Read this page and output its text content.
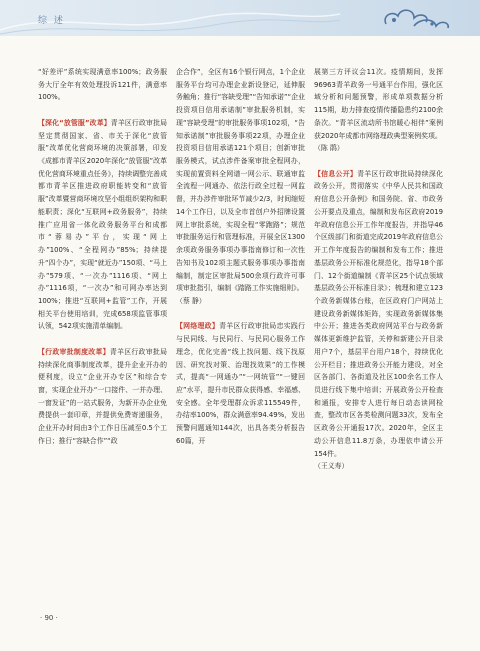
综 述

“好差评”系统实现满意率100%；政务服务大厅全年有效处理投诉121件，满意率100%。

【深化“放管服”改革】青羊区行政审批局坚定贯彻国家、省、市关于深化“放管服”改革优化营商环境的决策部署，印发《成都市青羊区2020年深化“放管服”改革优化营商环境重点任务》，持续调整完善成都市青羊区推进政府职能转变和“放管服”改革暨营商环境攻坚小组组织架构和职能职责；深化“互联网+政务服务”，持续推广应用省一体化政务服务平台和成都市“蓉易办”平台，实现“网上办”100%、“全程网办”85%；持续提升“四个办”，实现“就近办”150项、“马上办”579项、“一次办”1116项、“网上办”1116项，“一次办”和可网办率达到100%；推进“互联网+监管”工作，开展相关平台使用培训，完成658项监管事项认领，542项实施清单编制。

【行政审批制度改革】青羊区行政审批局持续深化商事制度改革，提升企业开办的便利度，设立“企业开办专区”和综合专窗，实现企业开办“一口接件、一并办理、一窗发证”的一站式服务，为新开办企业免费提供一套印章，并提供免费寄递服务，企业开办时间由3个工作日压减至0.5个工作日；推行“容缺合作”“政

企合作”，全区有16个银行网点，1个企业服务平台均可办理企业新设登记，延伸服务触角；推行“容缺受理”“告知承诺”“企业投资项目信用承诺制”审批服务机制，实现“容缺受理”的审批服务事项102项，“告知承诺制”审批服务事项22项，办理企业投资项目信用承诺121个项目；创新审批服务模式，试点涉件备案审批全程网办，实现前置资料全网谱一网公示、联通审监全流程一网通办、依法行政全过程一网监督，并办涉件审批环节减少2/3，时间缩短14个工作日，以及全市首创户外招牌设置网上审批系统，实现全程“零跑路”；规范审批服务运行和管理标准，开展全区1300余项政务服务事项办事指南修订和一次性告知书及102项主题式服务事项办事指南编制，制定区审批局500余项行政许可事项审批指引，编制《踏路工作实施细则》。

（蔡 静）

【网络理政】青羊区行政审批局忠实践行与民同线、与民同行、与民同心服务工作理念，优化完善“线上找问题、线下找原因、研究找对策、治理找效果”的工作模式，提高“一网通办”“一网统管”“一键回应”水平，提升市民群众获得感、幸福感、安全感。全年受理群众诉求115549件，办结率100%，群众满意率94.49%，发出预警问题通知144次，出具各类分析报告60篇，开

展第三方评议会11次。疫情期间，发挥96963青羊政务一号通平台作用，强化区域分析和问题预警，形成单项数据分析115期，助力排查疫情传播隐患约2100余条次。“青羊区流动所书馆暖心相伴”案例获2020年成都市网络理政典型案例奖项。

（陈 鹃）

【信息公开】青羊区行政审批局持续深化政务公开，贯彻落实《中华人民共和国政府信息公开条例》和国务院、省、市政务公开要点及重点，编制和发布区政府2019年政府信息公开工作年度报告，并指导46个区级部门和街道完成2019年政府信息公开工作年度报告的编制和发布工作；推进基层政务公开标准化规范化，指导18个部门、12个街道编制《青羊区25个试点领域基层政务公开标准目录》；梳理和建立123个政务新媒体台账，在区政府门户网站上建设政务新媒体矩阵，实现政务新媒体集中公开；推进各类政府网站平台与政务新媒体更新维护监管，关停和新建公开目录用户7个，基层平台用户18个，持续优化公开栏目；推进政务公开能力建设，对全区各部门、各街道及社区100余名工作人员进行线下集中培训；开展政务公开检查和通报，安排专人进行每日动态读网检查，整改市区各类检测问题33次，发布全区政务公开通报17次。2020年，全区主动公开信息11.8万条，办理依申请公开154件。

（王义寿）
· 90 ·
